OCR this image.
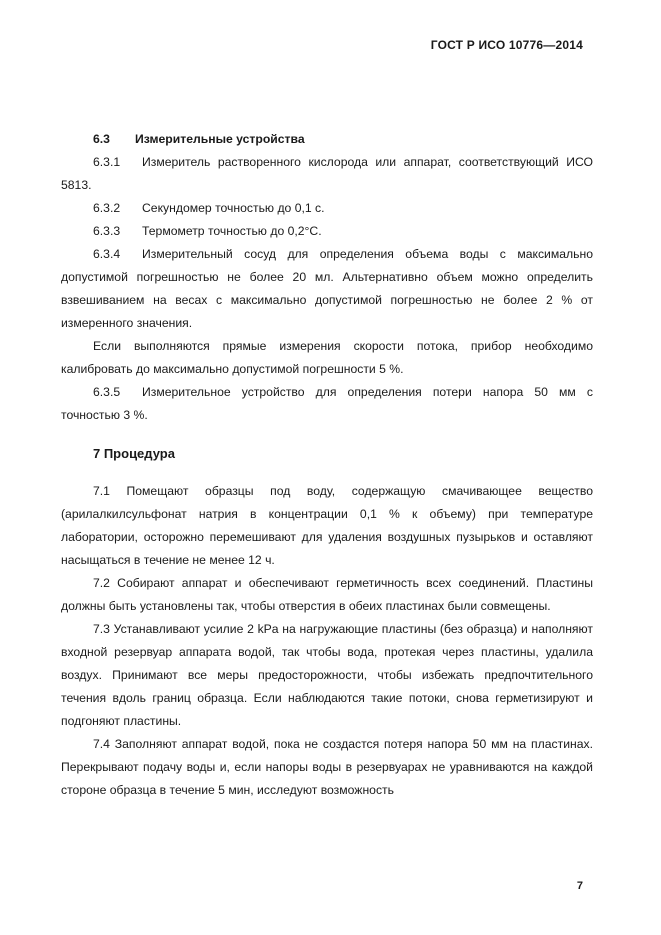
ГОСТ Р ИСО 10776—2014
6.3 Измерительные устройства

6.3.1 Измеритель растворенного кислорода или аппарат, соответствующий ИСО 5813.

6.3.2 Секундомер точностью до 0,1 с.

6.3.3 Термометр точностью до 0,2°C.

6.3.4 Измерительный сосуд для определения объема воды с максимально допустимой погрешностью не более 20 мл. Альтернативно объем можно определить взвешиванием на весах с максимально допустимой погрешностью не более 2 % от измеренного значения.

Если выполняются прямые измерения скорости потока, прибор необходимо калибровать до максимально допустимой погрешности 5 %.

6.3.5 Измерительное устройство для определения потери напора 50 мм с точностью 3 %.

7 Процедура

7.1 Помещают образцы под воду, содержащую смачивающее вещество (арилалкилсульфонат натрия в концентрации 0,1 % к объему) при температуре лаборатории, осторожно перемешивают для удаления воздушных пузырьков и оставляют насыщаться в течение не менее 12 ч.

7.2 Собирают аппарат и обеспечивают герметичность всех соединений. Пластины должны быть установлены так, чтобы отверстия в обеих пластинах были совмещены.

7.3 Устанавливают усилие 2 kPa на нагружающие пластины (без образца) и наполняют входной резервуар аппарата водой, так чтобы вода, протекая через пластины, удалила воздух. Принимают все меры предосторожности, чтобы избежать предпочтительного течения вдоль границ образца. Если наблюдаются такие потоки, снова герметизируют и подгоняют пластины.

7.4 Заполняют аппарат водой, пока не создастся потеря напора 50 мм на пластинах. Перекрывают подачу воды и, если напоры воды в резервуарах не уравниваются на каждой стороне образца в течение 5 мин, исследуют возможность

7
